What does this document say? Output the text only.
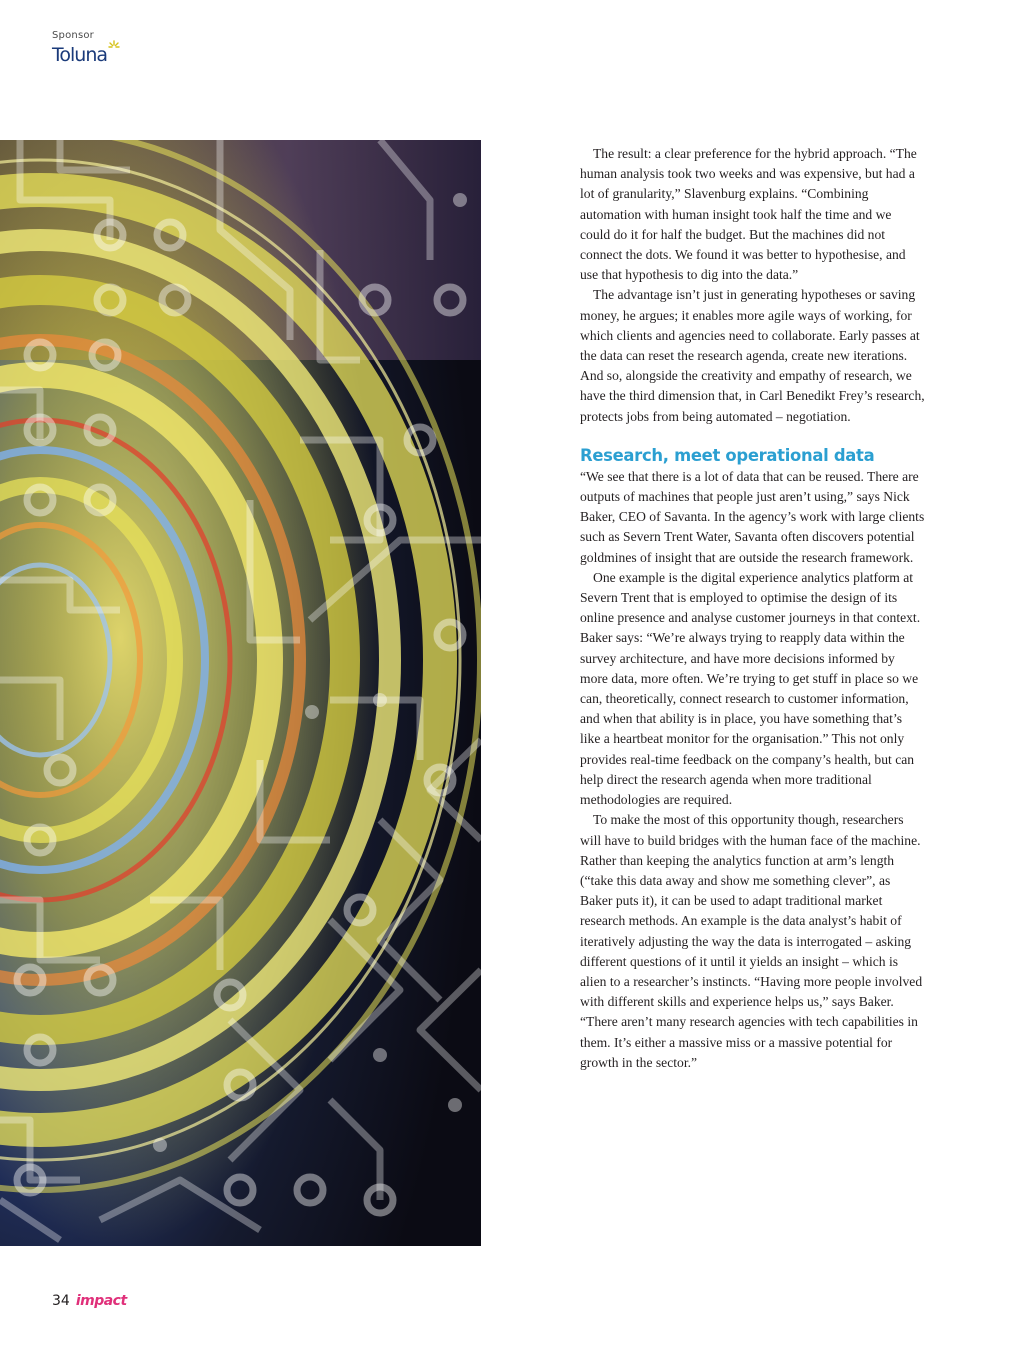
Sponsor
Toluna

The result: a clear preference for the hybrid approach. “The human analysis took two weeks and was expensive, but had a lot of granularity,” Slavenburg explains. “Combining automation with human insight took half the time and we could do it for half the budget. But the machines did not connect the dots. We found it was better to hypothesise, and use that hypothesis to dig into the data.”

The advantage isn’t just in generating hypotheses or saving money, he argues; it enables more agile ways of working, for which clients and agencies need to collaborate. Early passes at the data can reset the research agenda, create new iterations. And so, alongside the creativity and empathy of research, we have the third dimension that, in Carl Benedikt Frey’s research, protects jobs from being automated – negotiation.

Research, meet operational data

“We see that there is a lot of data that can be reused. There are outputs of machines that people just aren’t using,” says Nick Baker, CEO of Savanta. In the agency’s work with large clients such as Severn Trent Water, Savanta often discovers potential goldmines of insight that are outside the research framework.

One example is the digital experience analytics platform at Severn Trent that is employed to optimise the design of its online presence and analyse customer journeys in that context. Baker says: “We’re always trying to reapply data within the survey architecture, and have more decisions informed by more data, more often. We’re trying to get stuff in place so we can, theoretically, connect research to customer information, and when that ability is in place, you have something that’s like a heartbeat monitor for the organisation.” This not only provides real-time feedback on the company’s health, but can help direct the research agenda when more traditional methodologies are required.

To make the most of this opportunity though, researchers will have to build bridges with the human face of the machine. Rather than keeping the analytics function at arm’s length (“take this data away and show me something clever”, as Baker puts it), it can be used to adapt traditional market research methods. An example is the data analyst’s habit of iteratively adjusting the way the data is interrogated – asking different questions of it until it yields an insight – which is alien to a researcher’s instincts. “Having more people involved with different skills and experience helps us,” says Baker. “There aren’t many research agencies with tech capabilities in them. It’s either a massive miss or a massive potential for growth in the sector.”

34 impact
